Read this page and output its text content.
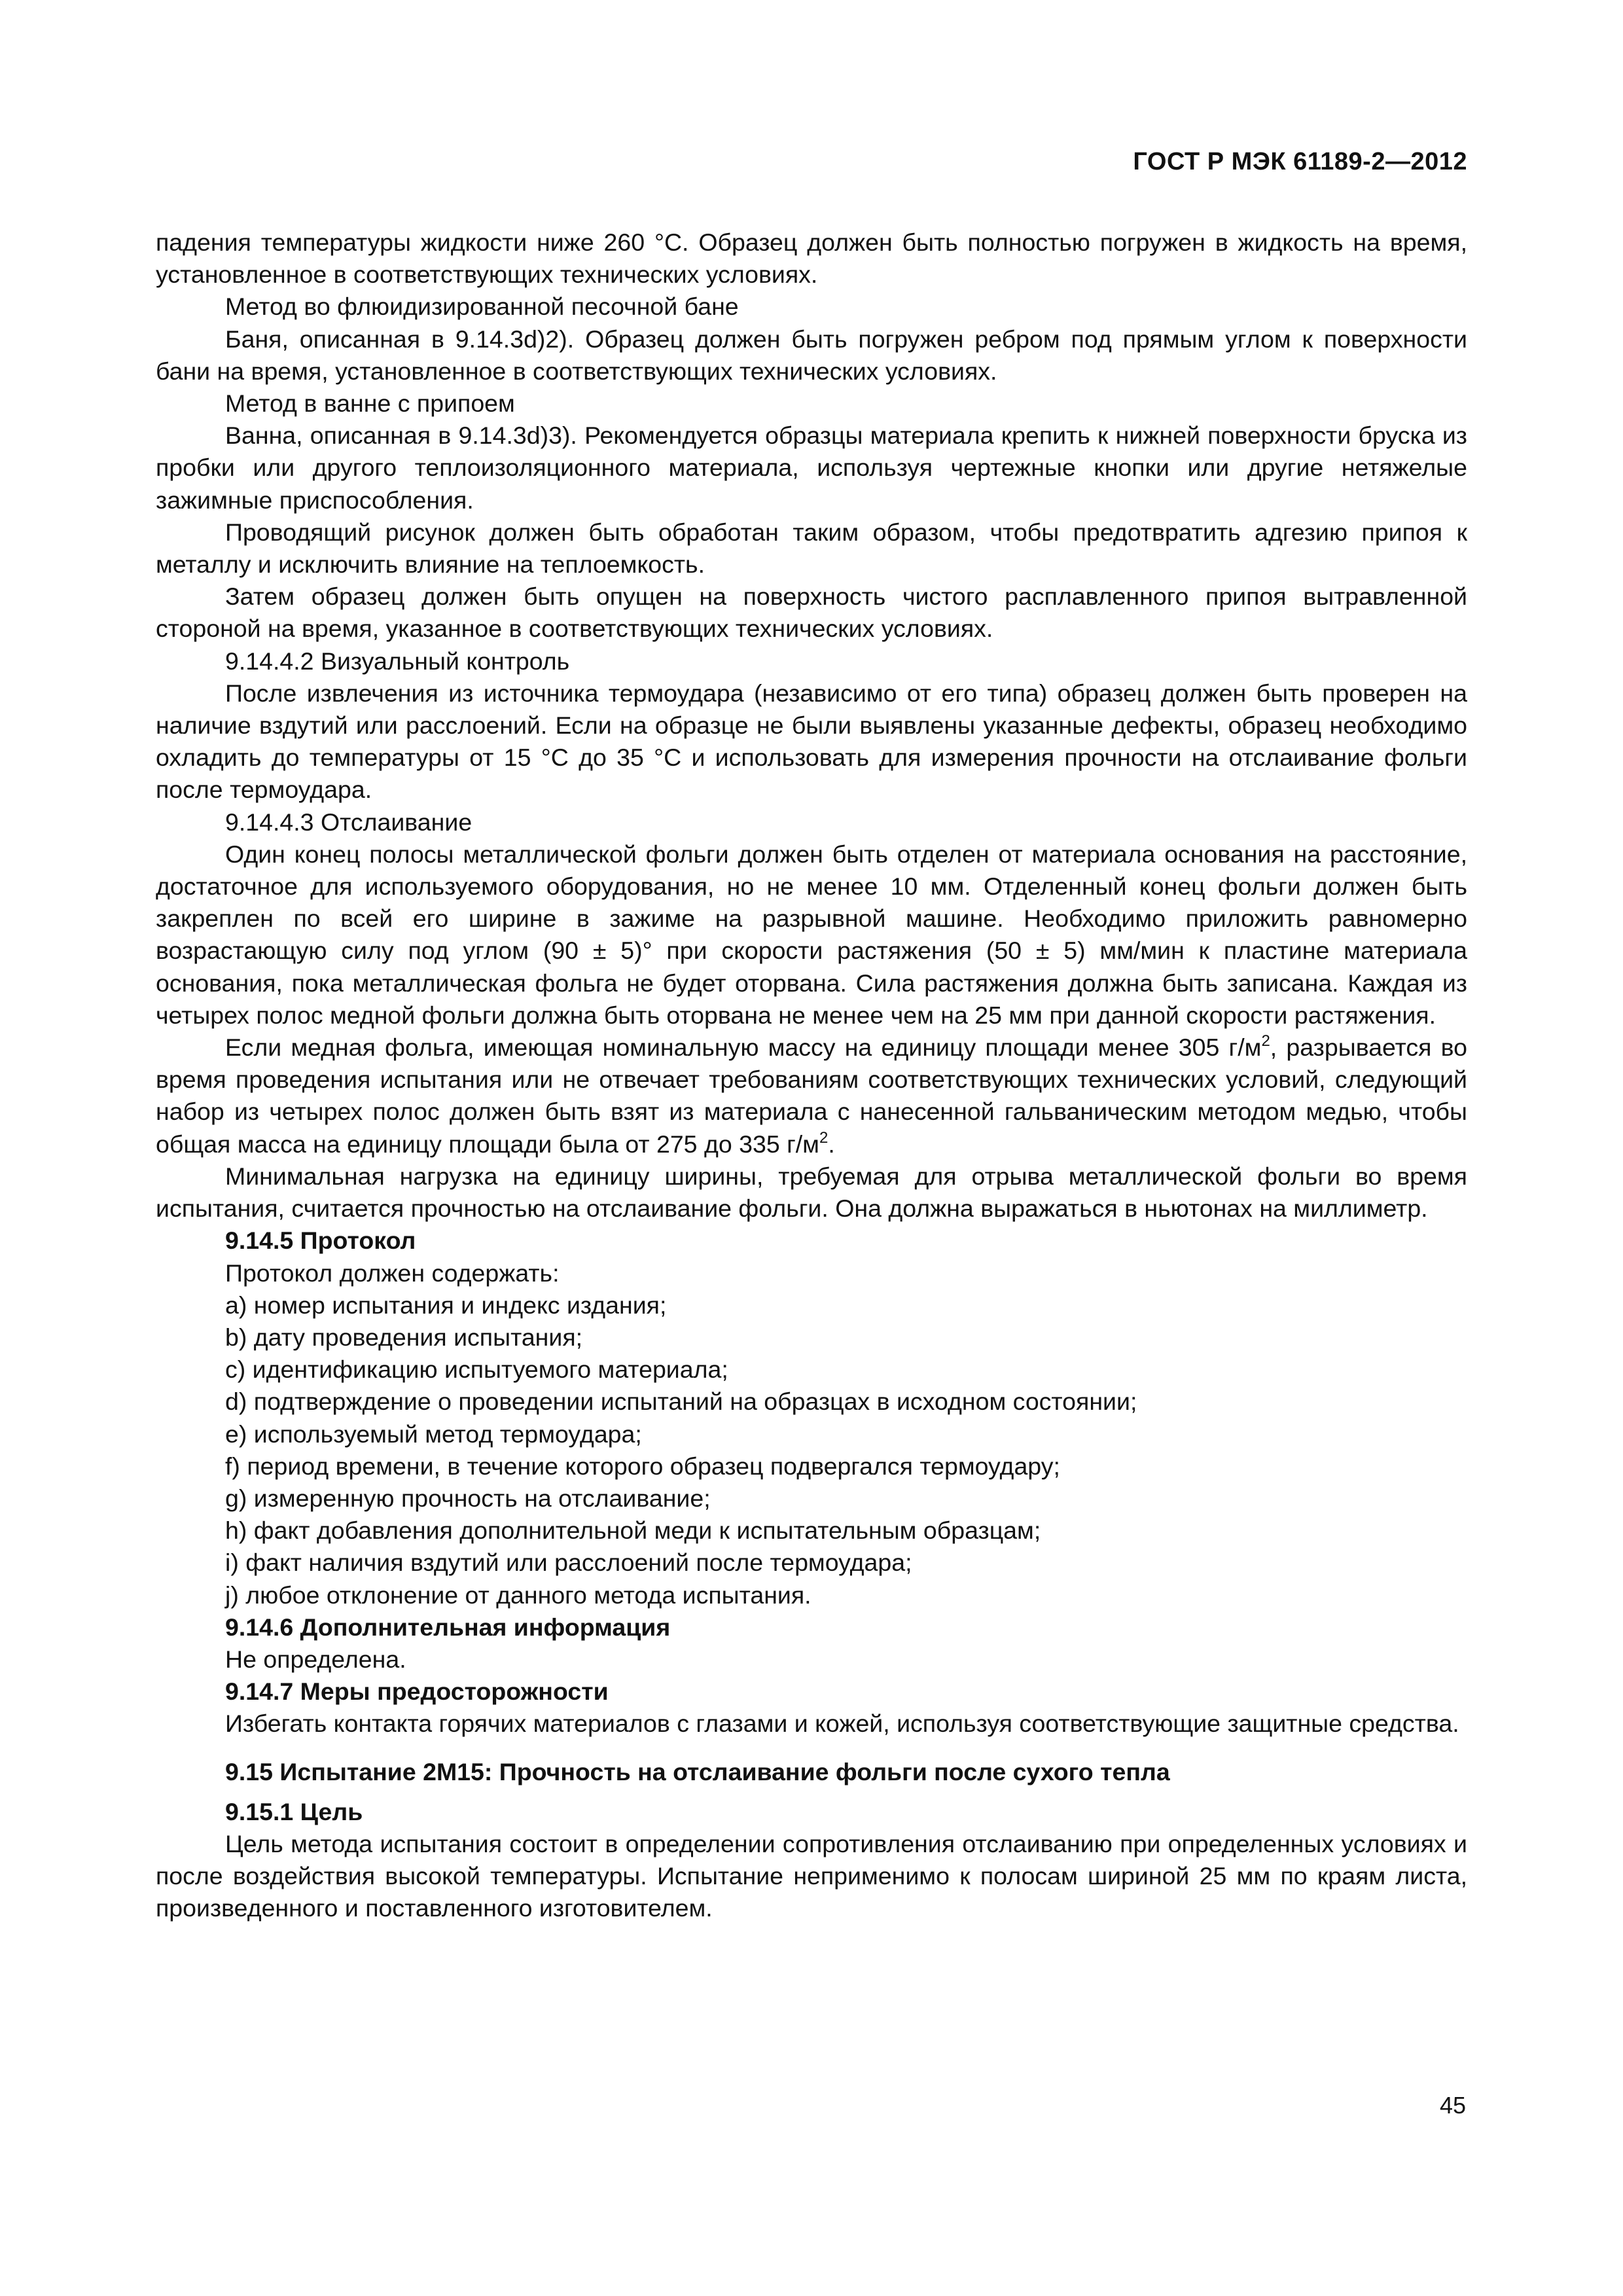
ГОСТ Р МЭК 61189-2—2012

падения температуры жидкости ниже 260 °С. Образец должен быть полностью погружен в жидкость на время, установленное в соответствующих технических условиях.

Метод во флюидизированной песочной бане

Баня, описанная в 9.14.3d)2). Образец должен быть погружен ребром под прямым углом к поверхности бани на время, установленное в соответствующих технических условиях.

Метод в ванне с припоем

Ванна, описанная в 9.14.3d)3). Рекомендуется образцы материала крепить к нижней поверхности бруска из пробки или другого теплоизоляционного материала, используя чертежные кнопки или другие нетяжелые зажимные приспособления.

Проводящий рисунок должен быть обработан таким образом, чтобы предотвратить адгезию припоя к металлу и исключить влияние на теплоемкость.

Затем образец должен быть опущен на поверхность чистого расплавленного припоя вытравленной стороной на время, указанное в соответствующих технических условиях.

9.14.4.2 Визуальный контроль

После извлечения из источника термоудара (независимо от его типа) образец должен быть проверен на наличие вздутий или расслоений. Если на образце не были выявлены указанные дефекты, образец необходимо охладить до температуры от 15 °С до 35 °С и использовать для измерения прочности на отслаивание фольги после термоудара.

9.14.4.3 Отслаивание

Один конец полосы металлической фольги должен быть отделен от материала основания на расстояние, достаточное для используемого оборудования, но не менее 10 мм. Отделенный конец фольги должен быть закреплен по всей его ширине в зажиме на разрывной машине. Необходимо приложить равномерно возрастающую силу под углом (90 ± 5)° при скорости растяжения (50 ± 5) мм/мин к пластине материала основания, пока металлическая фольга не будет оторвана. Сила растяжения должна быть записана. Каждая из четырех полос медной фольги должна быть оторвана не менее чем на 25 мм при данной скорости растяжения.

Если медная фольга, имеющая номинальную массу на единицу площади менее 305 $г/м^2$, разрывается во время проведения испытания или не отвечает требованиям соответствующих технических условий, следующий набор из четырех полос должен быть взят из материала с нанесенной гальваническим методом медью, чтобы общая масса на единицу площади была от 275 до 335 $г/м^2$.

Минимальная нагрузка на единицу ширины, требуемая для отрыва металлической фольги во время испытания, считается прочностью на отслаивание фольги. Она должна выражаться в ньютонах на миллиметр.

9.14.5 Протокол

Протокол должен содержать:

a) номер испытания и индекс издания;

b) дату проведения испытания;

c) идентификацию испытуемого материала;

d) подтверждение о проведении испытаний на образцах в исходном состоянии;

e) используемый метод термоудара;

f) период времени, в течение которого образец подвергался термоудару;

g) измеренную прочность на отслаивание;

h) факт добавления дополнительной меди к испытательным образцам;

i) факт наличия вздутий или расслоений после термоудара;

j) любое отклонение от данного метода испытания.

9.14.6 Дополнительная информация

Не определена.

9.14.7 Меры предосторожности

Избегать контакта горячих материалов с глазами и кожей, используя соответствующие защитные средства.

9.15 Испытание 2М15: Прочность на отслаивание фольги после сухого тепла

9.15.1 Цель

Цель метода испытания состоит в определении сопротивления отслаиванию при определенных условиях и после воздействия высокой температуры. Испытание неприменимо к полосам шириной 25 мм по краям листа, произведенного и поставленного изготовителем.

45
